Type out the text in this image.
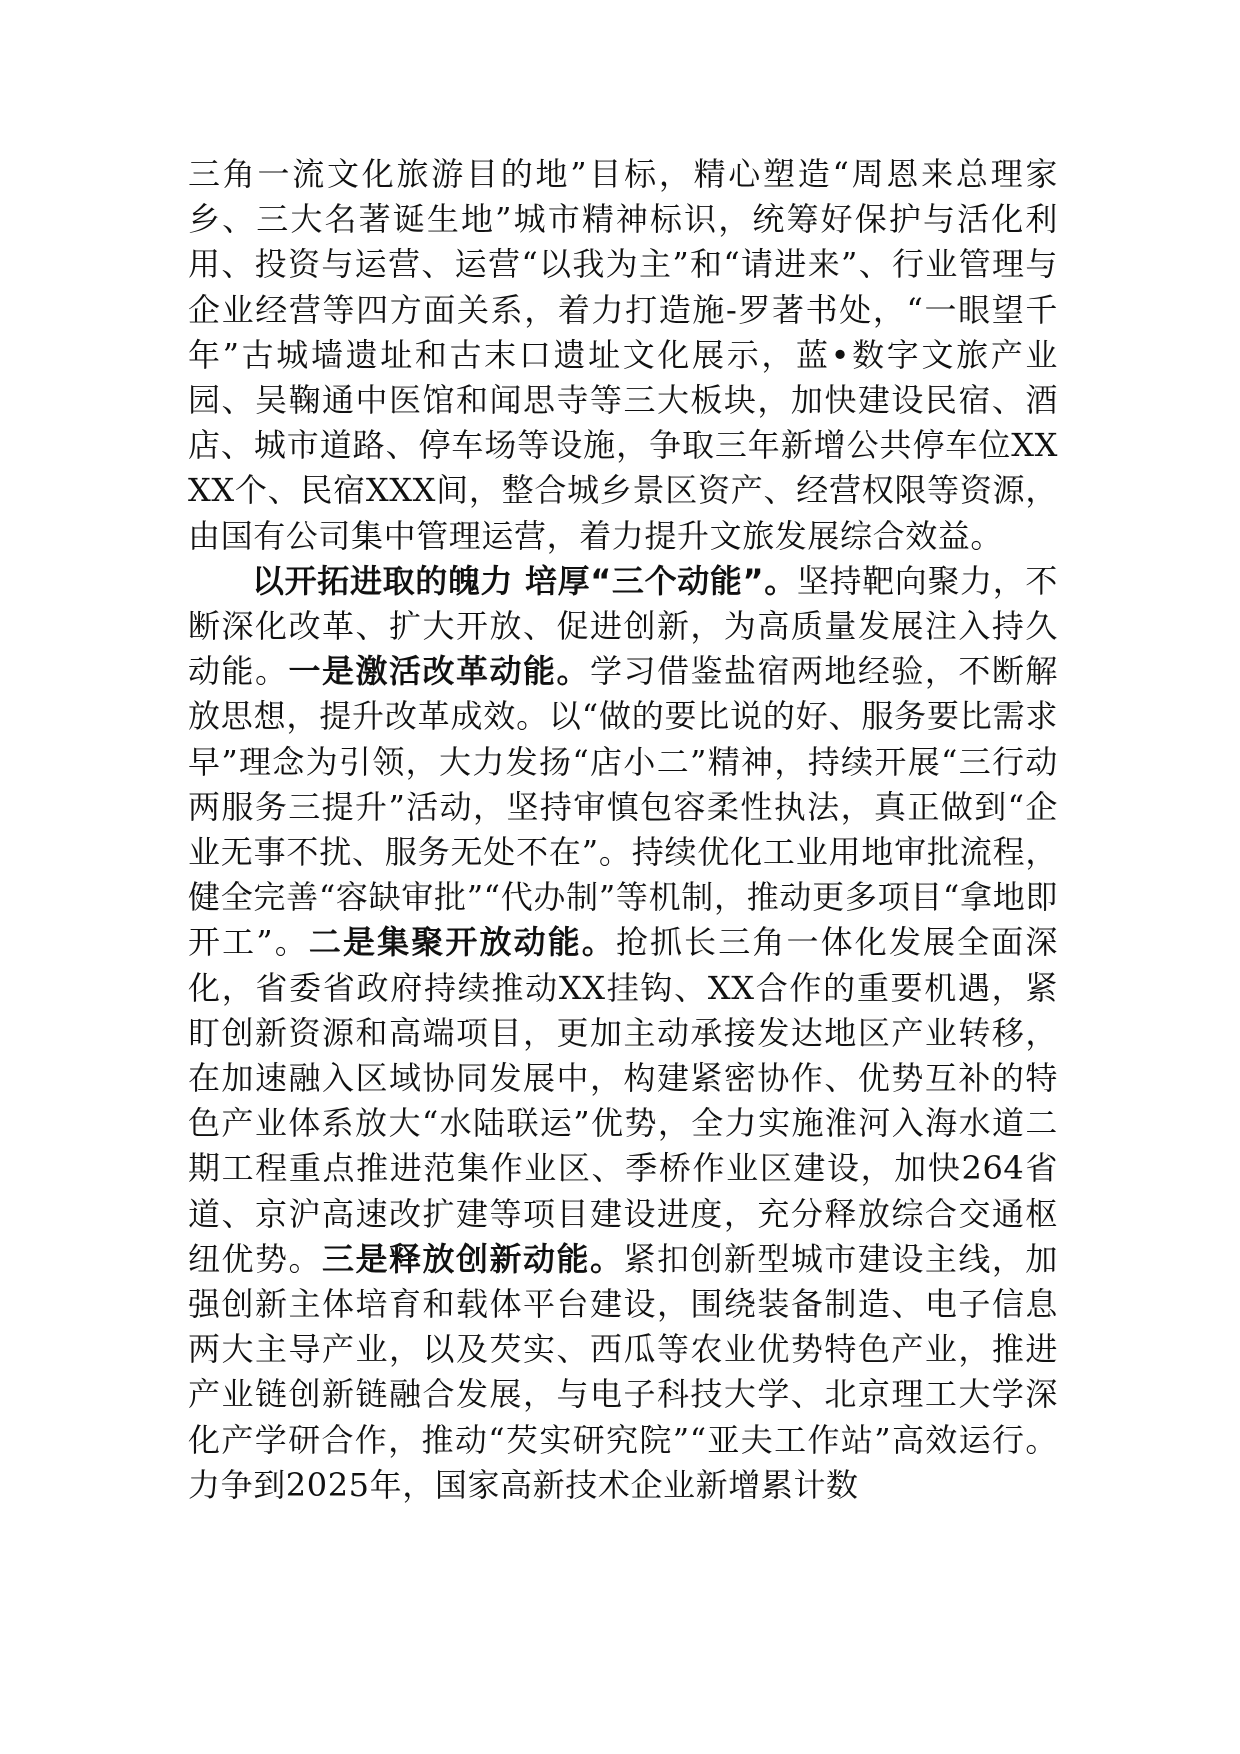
三角一流文化旅游目的地”目标，精心塑造“周恩来总理家乡、三大名著诞生地”城市精神标识，统筹好保护与活化利用、投资与运营、运营“以我为主”和“请进来”、行业管理与企业经营等四方面关系，着力打造施-罗著书处，“一眼望千年”古城墙遗址和古末口遗址文化展示，蓝•数字文旅产业园、吴鞠通中医馆和闻思寺等三大板块，加快建设民宿、酒店、城市道路、停车场等设施，争取三年新增公共停车位XXXX个、民宿XXX间，整合城乡景区资产、经营权限等资源，由国有公司集中管理运营，着力提升文旅发展综合效益。

以开拓进取的魄力 培厚“三个动能”。坚持靶向聚力，不断深化改革、扩大开放、促进创新，为高质量发展注入持久动能。一是激活改革动能。学习借鉴盐宿两地经验，不断解放思想，提升改革成效。以“做的要比说的好、服务要比需求早”理念为引领，大力发扬“店小二”精神，持续开展“三行动两服务三提升”活动，坚持审慎包容柔性执法，真正做到“企业无事不扰、服务无处不在”。持续优化工业用地审批流程，健全完善“容缺审批”“代办制”等机制，推动更多项目“拿地即开工”。二是集聚开放动能。抢抓长三角一体化发展全面深化，省委省政府持续推动XX挂钩、XX合作的重要机遇，紧盯创新资源和高端项目，更加主动承接发达地区产业转移，在加速融入区域协同发展中，构建紧密协作、优势互补的特色产业体系放大“水陆联运”优势，全力实施淮河入海水道二期工程重点推进范集作业区、季桥作业区建设，加快264省道、京沪高速改扩建等项目建设进度，充分释放综合交通枢纽优势。三是释放创新动能。紧扣创新型城市建设主线，加强创新主体培育和载体平台建设，围绕装备制造、电子信息两大主导产业，以及芡实、西瓜等农业优势特色产业，推进产业链创新链融合发展，与电子科技大学、北京理工大学深化产学研合作，推动“芡实研究院”“亚夫工作站”高效运行。力争到2025年，国家高新技术企业新增累计数
